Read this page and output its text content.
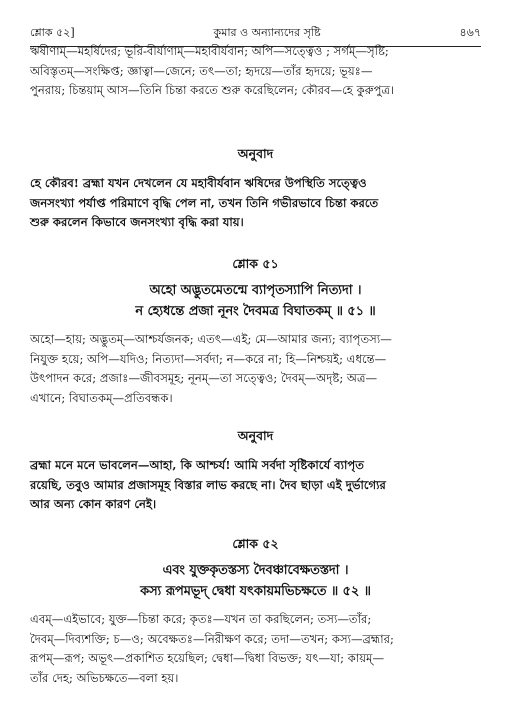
শ্লোক ৫২]	কুমার ও অন্যান্যদের সৃষ্টি	৪৬৭

ঋষীণাম্—মহর্ষিদের; ভূরি-বীর্যাণাম্—মহাবীর্যবান; অপি—সত্ত্বেও ; সর্গম্—সৃষ্টি;

অবিস্তৃতম্—সংক্ষিপ্ত; জ্ঞাত্বা—জেনে; তৎ—তা; হৃদয়ে—তাঁর হৃদয়ে; ভূয়ঃ—

পুনরায়; চিন্তয়াম্ আস—তিনি চিন্তা করতে শুরু করেছিলেন; কৌরব—হে কুরুপুত্র।

অনুবাদ

হে কৌরব! ব্রহ্মা যখন দেখলেন যে মহাবীর্যবান ঋষিদের উপস্থিতি সত্ত্বেও

জনসংখ্যা পর্যাপ্ত পরিমাণে বৃদ্ধি পেল না, তখন তিনি গভীরভাবে চিন্তা করতে

শুরু করলেন কিভাবে জনসংখ্যা বৃদ্ধি করা যায়।

শ্লোক ৫১

অহো অদ্ভুতমেতন্মে ব্যাপৃতস্যাপি নিত্যদা ।

ন হ্যেধন্তে প্রজা নূনং দৈবমত্র বিঘাতকম্ ॥ ৫১ ॥

অহো—হায়; অদ্ভুতম্—আশ্চর্যজনক; এতৎ—এই; মে—আমার জন্য; ব্যাপৃতস্য—

নিযুক্ত হয়ে; অপি—যদিও; নিত্যদা—সর্বদা; ন—করে না; হি—নিশ্চয়ই; এধন্তে—

উৎপাদন করে; প্রজাঃ—জীবসমূহ; নূনম্—তা সত্ত্বেও; দৈবম্—অদৃষ্ট; অত্র—

এখানে; বিঘাতকম্—প্রতিবন্ধক।

অনুবাদ

ব্রহ্মা মনে মনে ভাবলেন—আহা, কি আশ্চর্য! আমি সর্বদা সৃষ্টিকার্যে ব্যাপৃত

রয়েছি, তবুও আমার প্রজাসমূহ বিস্তার লাভ করছে না। দৈব ছাড়া এই দুর্ভাগ্যের

আর অন্য কোন কারণ নেই।

শ্লোক ৫২

এবং যুক্তকৃতস্তস্য দৈবঞ্চাবেক্ষতস্তদা ।

কস্য রূপমভূদ্ দ্বেধা যৎকায়মভিচক্ষতে ॥ ৫২ ॥

এবম্—এইভাবে; যুক্ত—চিন্তা করে; কৃতঃ—যখন তা করছিলেন; তস্য—তাঁর;

দৈবম্—দিব্যশক্তি; চ—ও; অবেক্ষতঃ—নিরীক্ষণ করে; তদা—তখন; কস্য—ব্রহ্মার;

রূপম্—রূপ; অভূৎ—প্রকাশিত হয়েছিল; দ্বেধা—দ্বিধা বিভক্ত; যৎ—যা; কায়ম্—

তাঁর দেহ; অভিচক্ষতে—বলা হয়।
